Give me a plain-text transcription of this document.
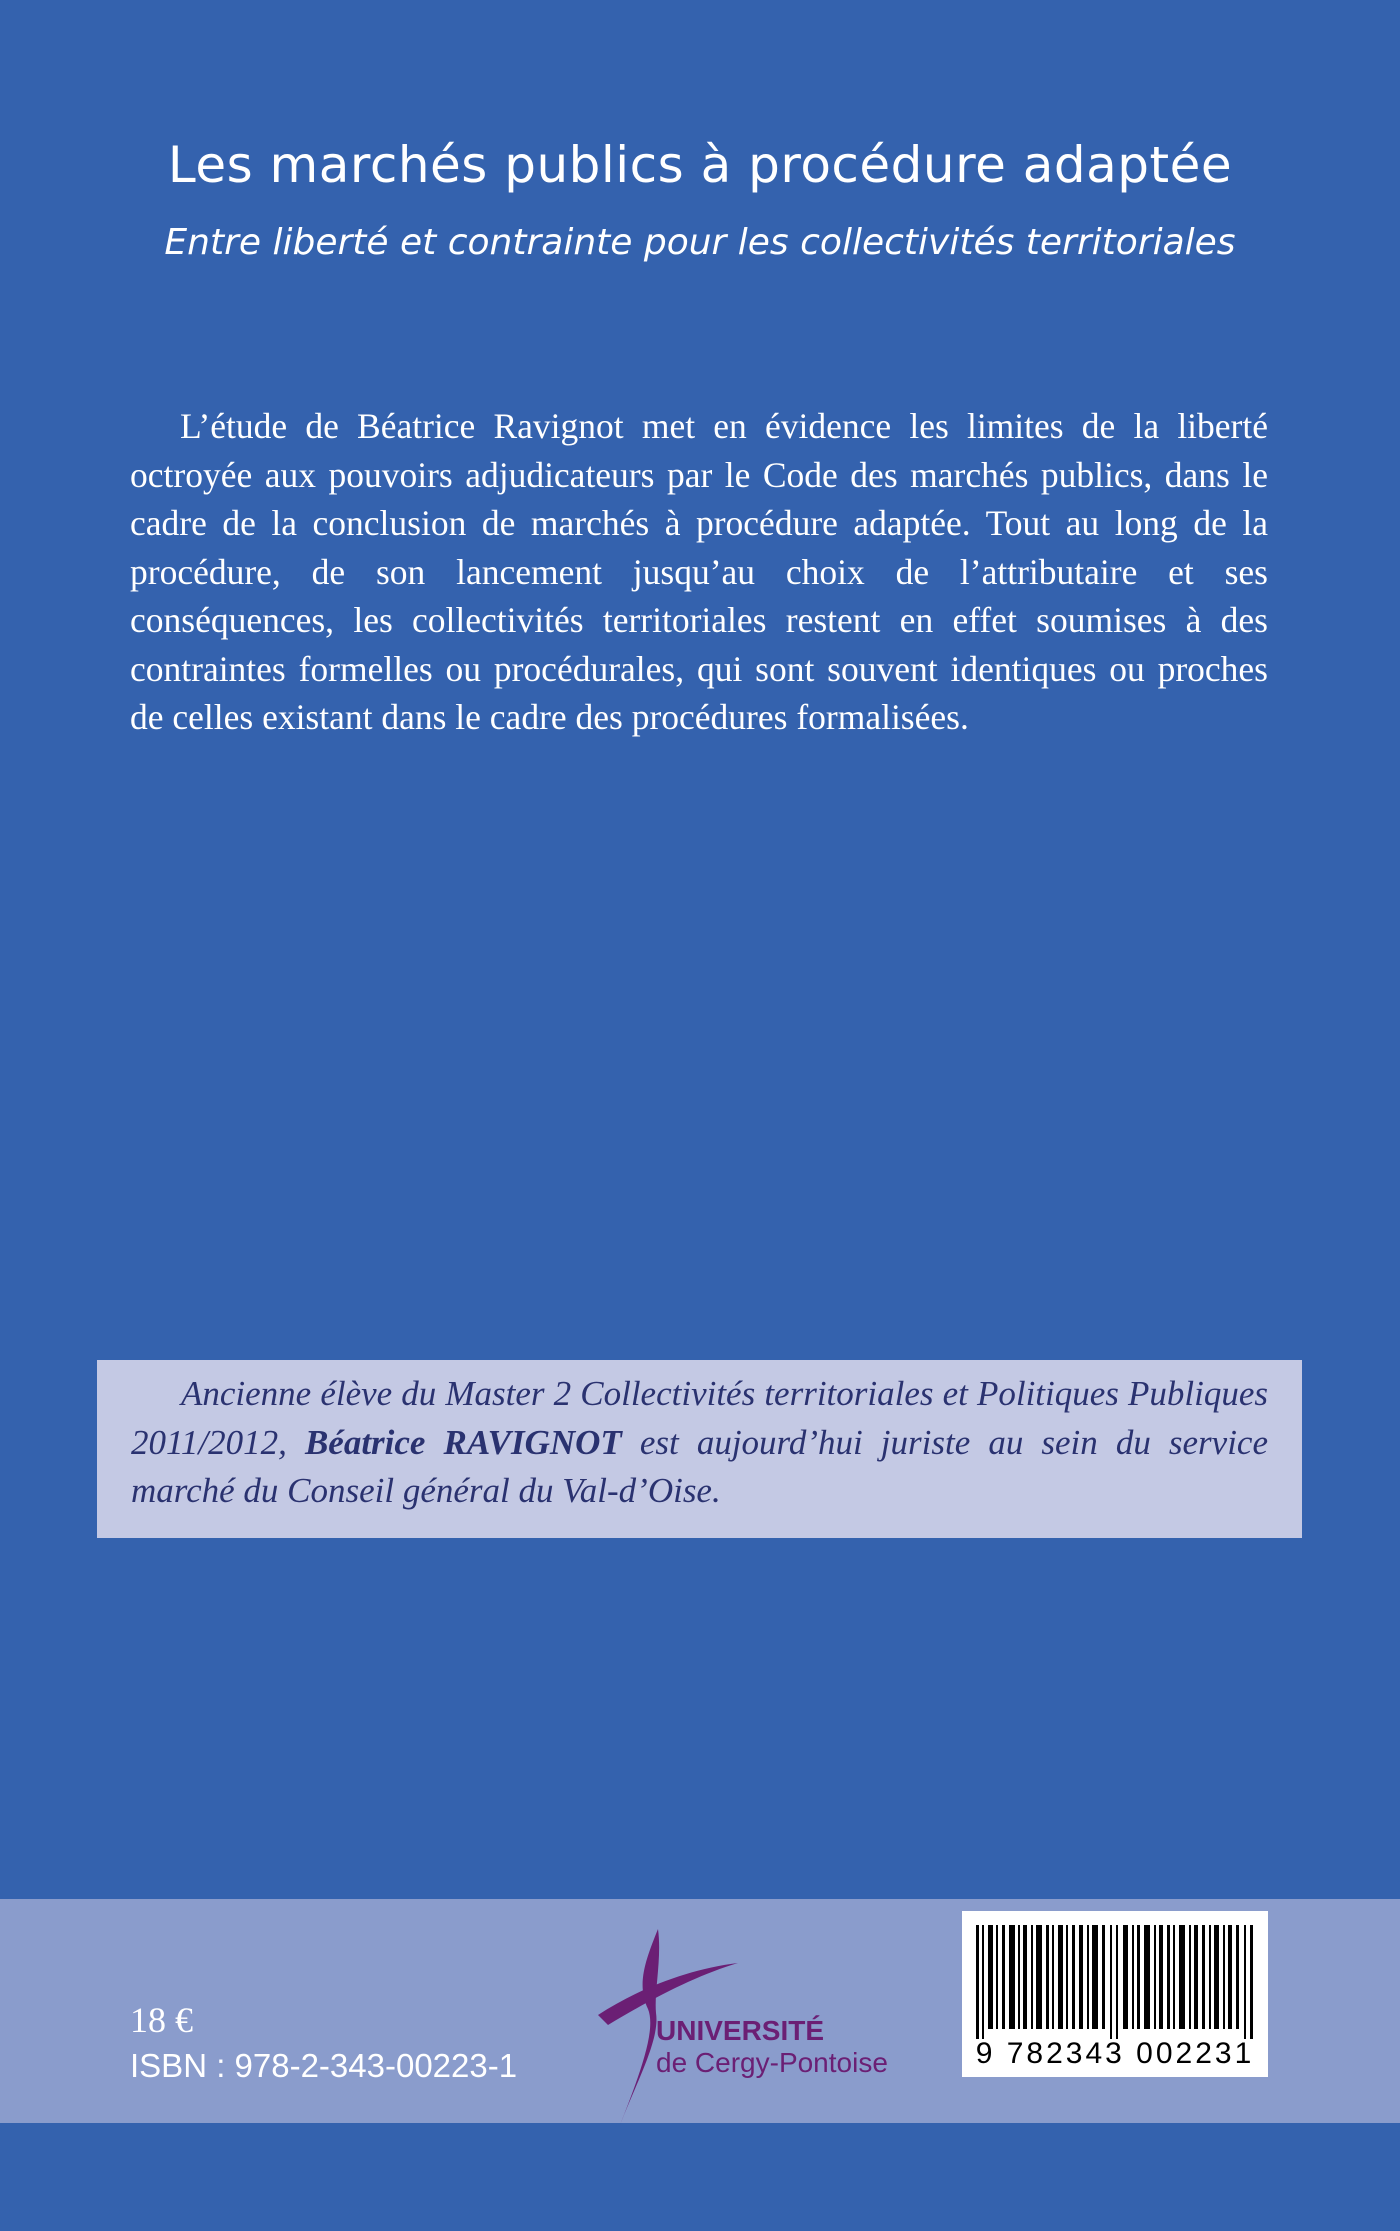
Les marchés publics à procédure adaptée
Entre liberté et contrainte pour les collectivités territoriales
L’étude de Béatrice Ravignot met en évidence les limites de la liberté octroyée aux pouvoirs adjudicateurs par le Code des marchés publics, dans le cadre de la conclusion de marchés à procédure adaptée. Tout au long de la procédure, de son lancement jusqu’au choix de l’attributaire et ses conséquences, les collectivités territoriales restent en effet soumises à des contraintes formelles ou procédurales, qui sont souvent identiques ou proches de celles existant dans le cadre des procédures formalisées.
Ancienne élève du Master 2 Collectivités territoriales et Politiques Publiques 2011/2012, Béatrice RAVIGNOT est aujourd’hui juriste au sein du service marché du Conseil général du Val-d’Oise.
18 €
ISBN : 978-2-343-00223-1
UNIVERSITÉ
de Cergy-Pontoise	9 782343 002231
